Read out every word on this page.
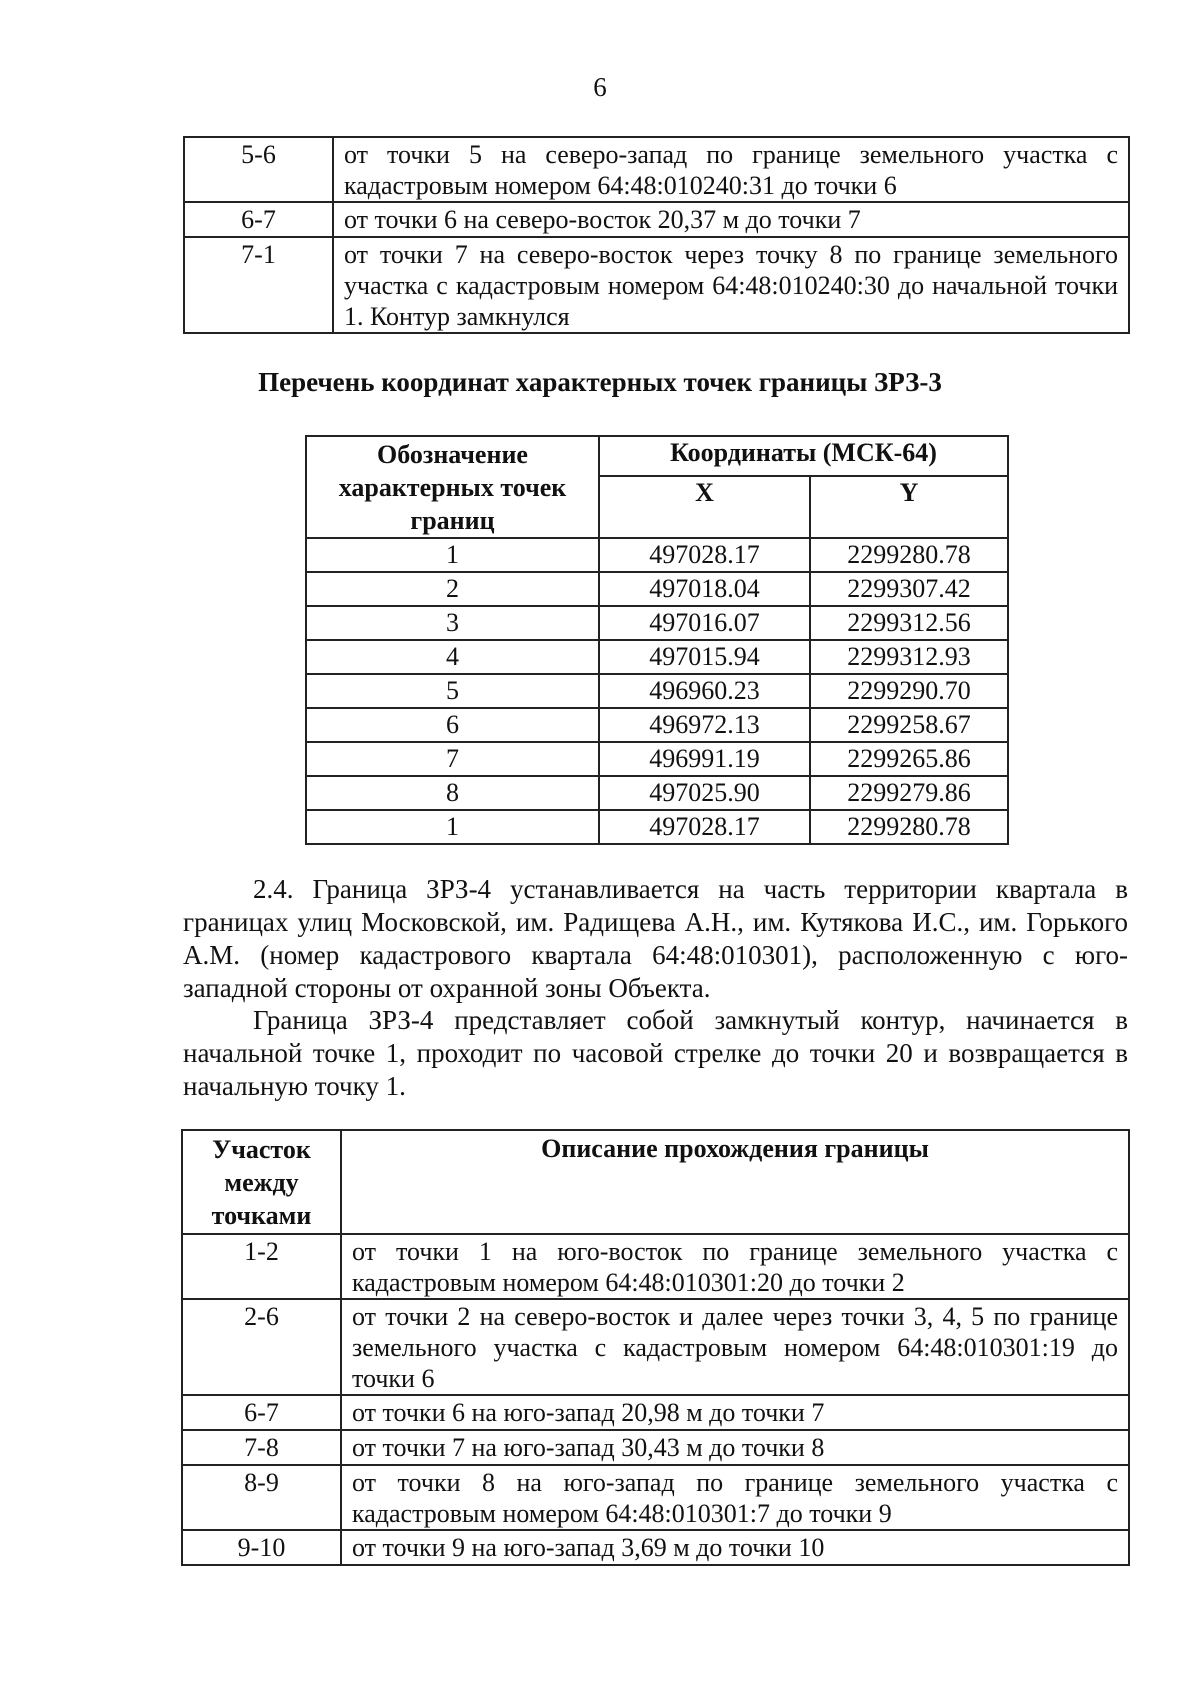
6
5-6	от точки 5 на северо-запад по границе земельного участка с кадастровым номером 64:48:010240:31 до точки 6
6-7	от точки 6 на северо-восток 20,37 м до точки 7
7-1	от точки 7 на северо-восток через точку 8 по границе земельного участка с кадастровым номером 64:48:010240:30 до начальной точки 1. Контур замкнулся
Перечень координат характерных точек границы ЗРЗ-3
Обозначение характерных точек границ	Координаты (МСК-64)	
	X	Y
1	497028.17	2299280.78
2	497018.04	2299307.42
3	497016.07	2299312.56
4	497015.94	2299312.93
5	496960.23	2299290.70
6	496972.13	2299258.67
7	496991.19	2299265.86
8	497025.90	2299279.86
1	497028.17	2299280.78
2.4. Граница ЗРЗ-4 устанавливается на часть территории квартала в границах улиц Московской, им. Радищева А.Н., им. Кутякова И.С., им. Горького А.М. (номер кадастрового квартала 64:48:010301), расположенную с юго-западной стороны от охранной зоны Объекта.
Граница ЗРЗ-4 представляет собой замкнутый контур, начинается в начальной точке 1, проходит по часовой стрелке до точки 20 и возвращается в начальную точку 1.
Участок между точками	Описание прохождения границы
1-2	от точки 1 на юго-восток по границе земельного участка с кадастровым номером 64:48:010301:20 до точки 2
2-6	от точки 2 на северо-восток и далее через точки 3, 4, 5 по границе земельного участка с кадастровым номером 64:48:010301:19 до точки 6
6-7	от точки 6 на юго-запад 20,98 м до точки 7
7-8	от точки 7 на юго-запад 30,43 м до точки 8
8-9	от точки 8 на юго-запад по границе земельного участка с кадастровым номером 64:48:010301:7 до точки 9
9-10	от точки 9 на юго-запад 3,69 м до точки 10
